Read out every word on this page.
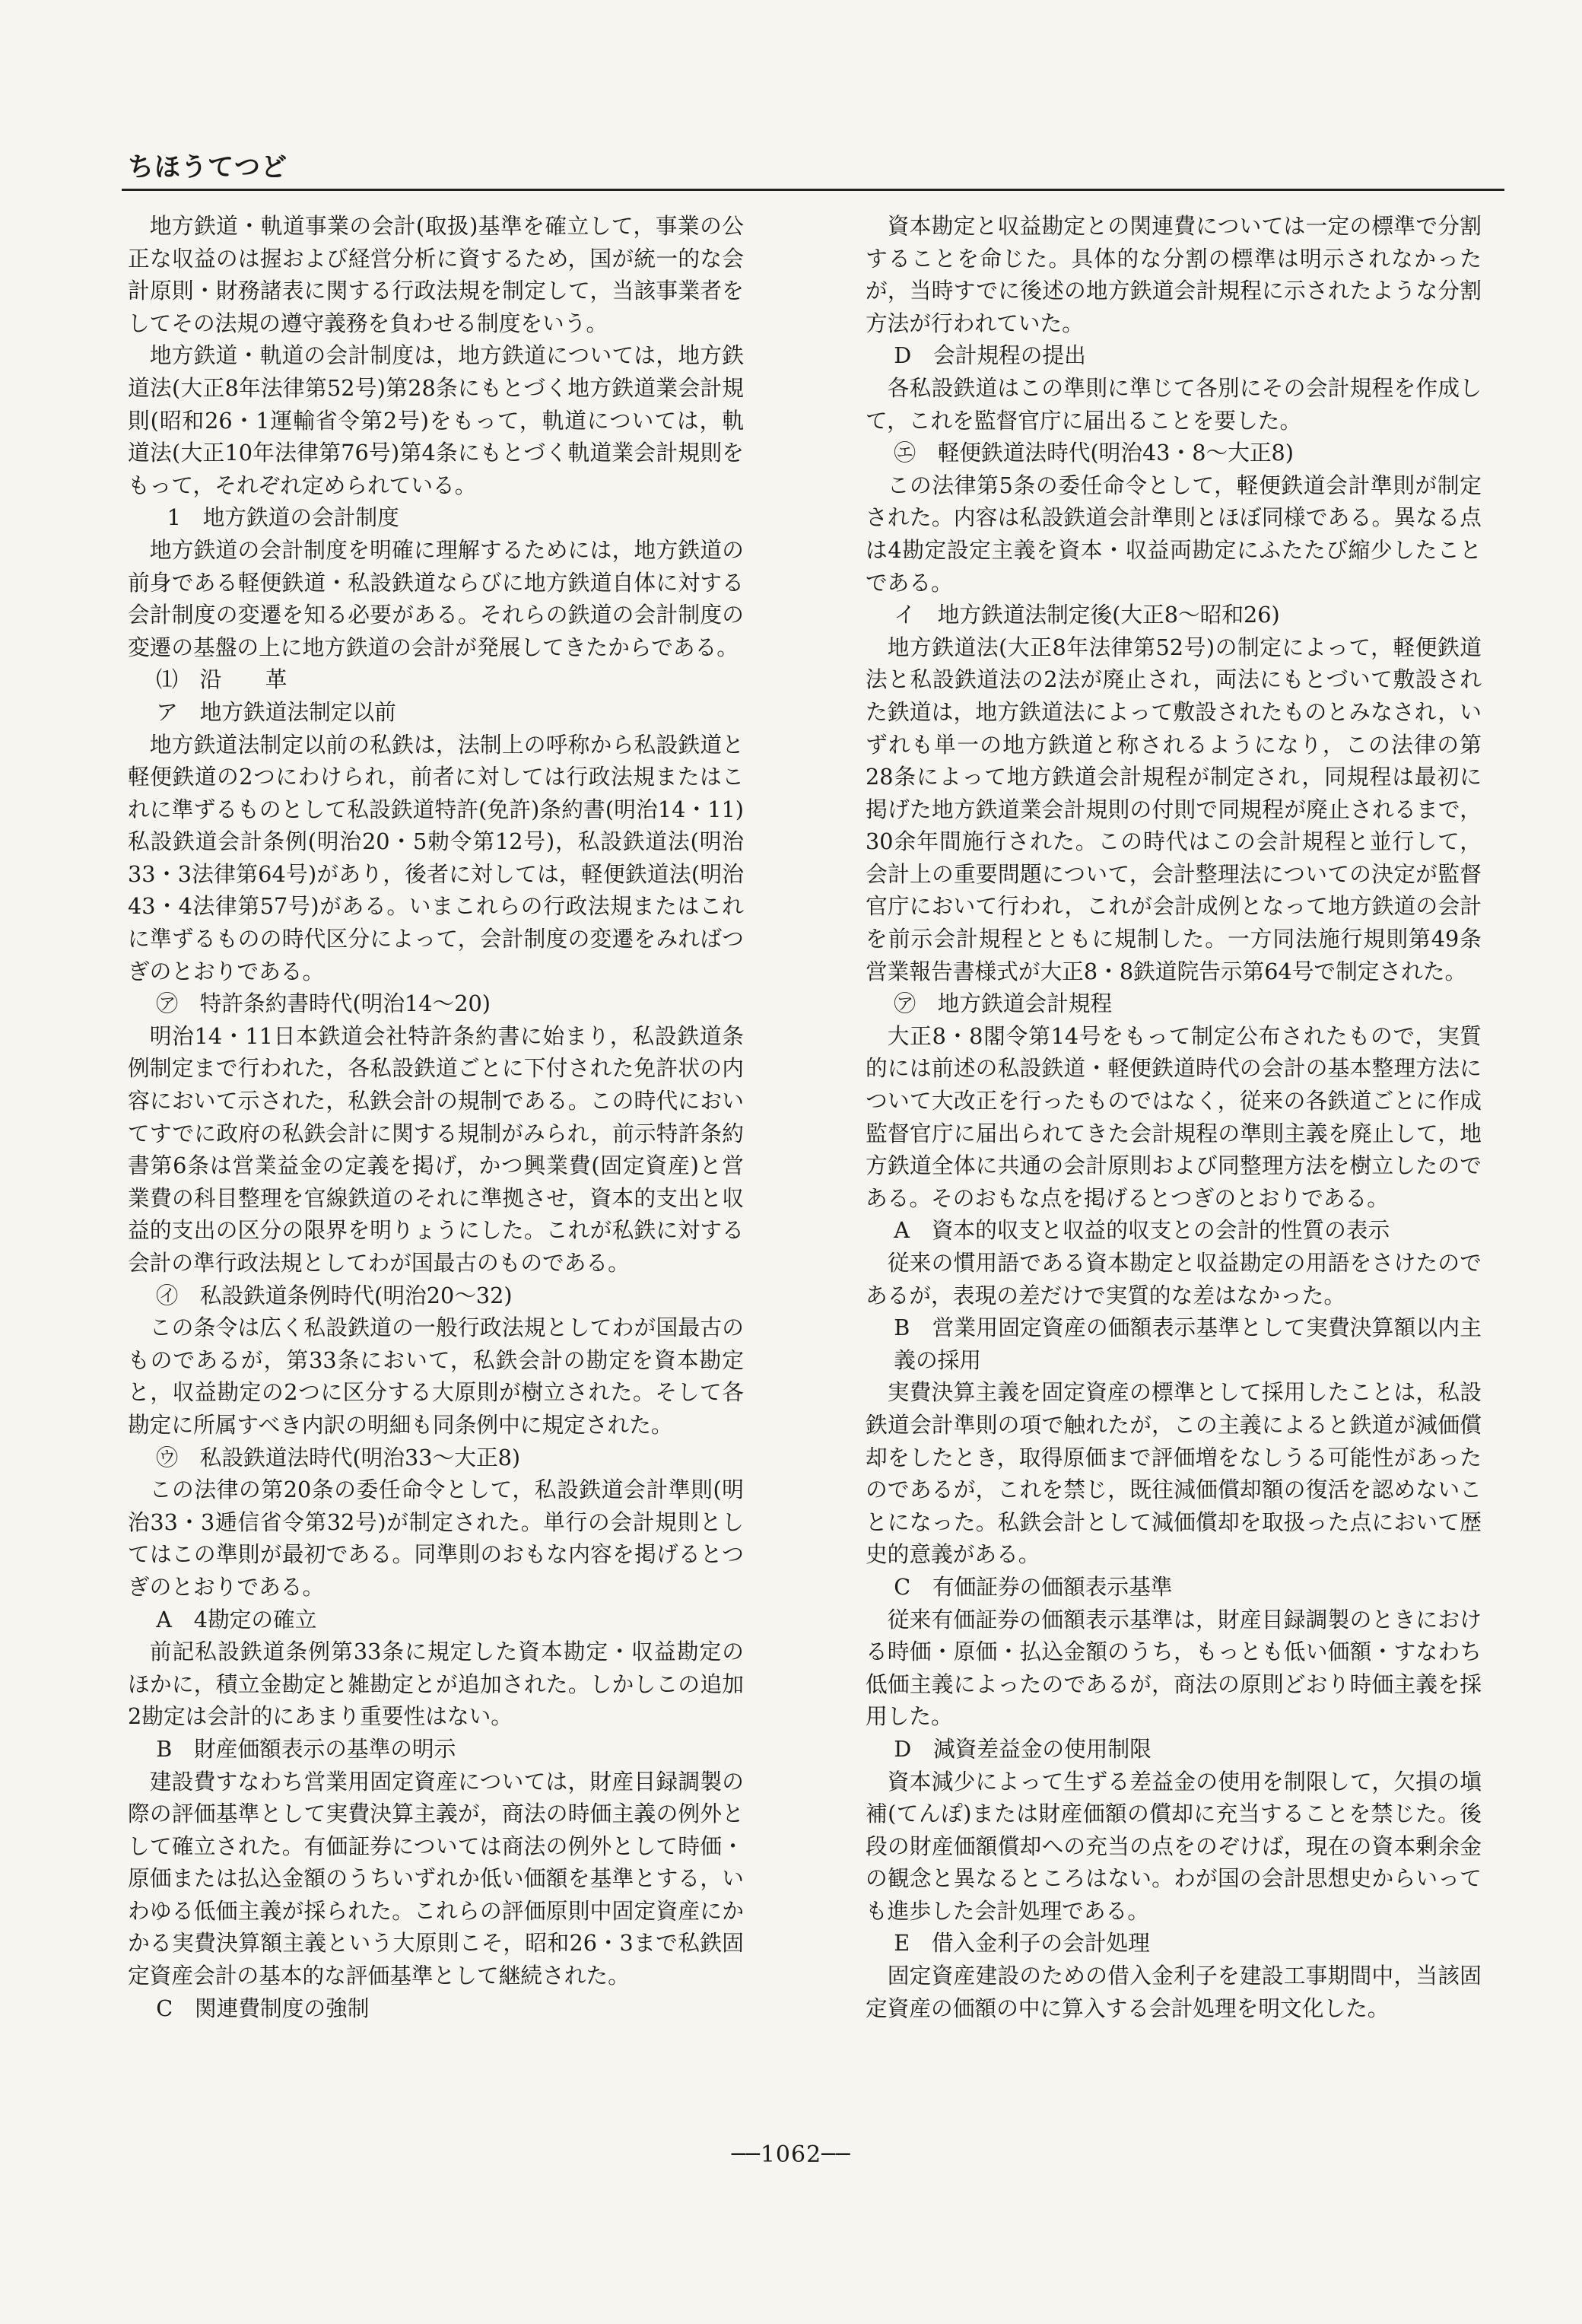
ちほうてつど

地方鉄道・軌道事業の会計(取扱)基準を確立して，事業の公正な収益のは握および経営分析に資するため，国が統一的な会計原則・財務諸表に関する行政法規を制定して，当該事業者をしてその法規の遵守義務を負わせる制度をいう。

地方鉄道・軌道の会計制度は，地方鉄道については，地方鉄道法(大正8年法律第52号)第28条にもとづく地方鉄道業会計規則(昭和26・1運輸省令第2号)をもって，軌道については，軌道法(大正10年法律第76号)第4条にもとづく軌道業会計規則をもって，それぞれ定められている。

1　地方鉄道の会計制度

地方鉄道の会計制度を明確に理解するためには，地方鉄道の前身である軽便鉄道・私設鉄道ならびに地方鉄道自体に対する会計制度の変遷を知る必要がある。それらの鉄道の会計制度の変遷の基盤の上に地方鉄道の会計が発展してきたからである。

⑴　沿　　革

ア　地方鉄道法制定以前

地方鉄道法制定以前の私鉄は，法制上の呼称から私設鉄道と軽便鉄道の2つにわけられ，前者に対しては行政法規またはこれに準ずるものとして私設鉄道特許(免許)条約書(明治14・11)私設鉄道会計条例(明治20・5勅令第12号)，私設鉄道法(明治33・3法律第64号)があり，後者に対しては，軽便鉄道法(明治43・4法律第57号)がある。いまこれらの行政法規またはこれに準ずるものの時代区分によって，会計制度の変遷をみればつぎのとおりである。

㋐　特許条約書時代(明治14〜20)

明治14・11日本鉄道会社特許条約書に始まり，私設鉄道条例制定まで行われた，各私設鉄道ごとに下付された免許状の内容において示された，私鉄会計の規制である。この時代においてすでに政府の私鉄会計に関する規制がみられ，前示特許条約書第6条は営業益金の定義を掲げ，かつ興業費(固定資産)と営業費の科目整理を官線鉄道のそれに準拠させ，資本的支出と収益的支出の区分の限界を明りょうにした。これが私鉄に対する会計の準行政法規としてわが国最古のものである。

㋑　私設鉄道条例時代(明治20〜32)

この条令は広く私設鉄道の一般行政法規としてわが国最古のものであるが，第33条において，私鉄会計の勘定を資本勘定と，収益勘定の2つに区分する大原則が樹立された。そして各勘定に所属すべき内訳の明細も同条例中に規定された。

㋒　私設鉄道法時代(明治33〜大正8)

この法律の第20条の委任命令として，私設鉄道会計準則(明治33・3逓信省令第32号)が制定された。単行の会計規則としてはこの準則が最初である。同準則のおもな内容を掲げるとつぎのとおりである。

A　4勘定の確立

前記私設鉄道条例第33条に規定した資本勘定・収益勘定のほかに，積立金勘定と雑勘定とが追加された。しかしこの追加2勘定は会計的にあまり重要性はない。

B　財産価額表示の基準の明示

建設費すなわち営業用固定資産については，財産目録調製の際の評価基準として実費決算主義が，商法の時価主義の例外として確立された。有価証券については商法の例外として時価・原価または払込金額のうちいずれか低い価額を基準とする，いわゆる低価主義が採られた。これらの評価原則中固定資産にかかる実費決算額主義という大原則こそ，昭和26・3まで私鉄固定資産会計の基本的な評価基準として継続された。

C　関連費制度の強制

資本勘定と収益勘定との関連費については一定の標準で分割することを命じた。具体的な分割の標準は明示されなかったが，当時すでに後述の地方鉄道会計規程に示されたような分割方法が行われていた。

D　会計規程の提出

各私設鉄道はこの準則に準じて各別にその会計規程を作成して，これを監督官庁に届出ることを要した。

㋓　軽便鉄道法時代(明治43・8〜大正8)

この法律第5条の委任命令として，軽便鉄道会計準則が制定された。内容は私設鉄道会計準則とほぼ同様である。異なる点は4勘定設定主義を資本・収益両勘定にふたたび縮少したことである。

イ　地方鉄道法制定後(大正8〜昭和26)

地方鉄道法(大正8年法律第52号)の制定によって，軽便鉄道法と私設鉄道法の2法が廃止され，両法にもとづいて敷設された鉄道は，地方鉄道法によって敷設されたものとみなされ，いずれも単一の地方鉄道と称されるようになり，この法律の第28条によって地方鉄道会計規程が制定され，同規程は最初に掲げた地方鉄道業会計規則の付則で同規程が廃止されるまで，30余年間施行された。この時代はこの会計規程と並行して，会計上の重要問題について，会計整理法についての決定が監督官庁において行われ，これが会計成例となって地方鉄道の会計を前示会計規程とともに規制した。一方同法施行規則第49条営業報告書様式が大正8・8鉄道院告示第64号で制定された。

㋐　地方鉄道会計規程

大正8・8閣令第14号をもって制定公布されたもので，実質的には前述の私設鉄道・軽便鉄道時代の会計の基本整理方法について大改正を行ったものではなく，従来の各鉄道ごとに作成監督官庁に届出られてきた会計規程の準則主義を廃止して，地方鉄道全体に共通の会計原則および同整理方法を樹立したのである。そのおもな点を掲げるとつぎのとおりである。

A　資本的収支と収益的収支との会計的性質の表示

従来の慣用語である資本勘定と収益勘定の用語をさけたのであるが，表現の差だけで実質的な差はなかった。

B　営業用固定資産の価額表示基準として実費決算額以内主義の採用

実費決算主義を固定資産の標準として採用したことは，私設鉄道会計準則の項で触れたが，この主義によると鉄道が減価償却をしたとき，取得原価まで評価増をなしうる可能性があったのであるが，これを禁じ，既往減価償却額の復活を認めないことになった。私鉄会計として減価償却を取扱った点において歴史的意義がある。

C　有価証券の価額表示基準

従来有価証券の価額表示基準は，財産目録調製のときにおける時価・原価・払込金額のうち，もっとも低い価額・すなわち低価主義によったのであるが，商法の原則どおり時価主義を採用した。

D　減資差益金の使用制限

資本減少によって生ずる差益金の使用を制限して，欠損の塡補(てんぽ)または財産価額の償却に充当することを禁じた。後段の財産価額償却への充当の点をのぞけば，現在の資本剰余金の観念と異なるところはない。わが国の会計思想史からいっても進歩した会計処理である。

E　借入金利子の会計処理

固定資産建設のための借入金利子を建設工事期間中，当該固定資産の価額の中に算入する会計処理を明文化した。

──1062──
